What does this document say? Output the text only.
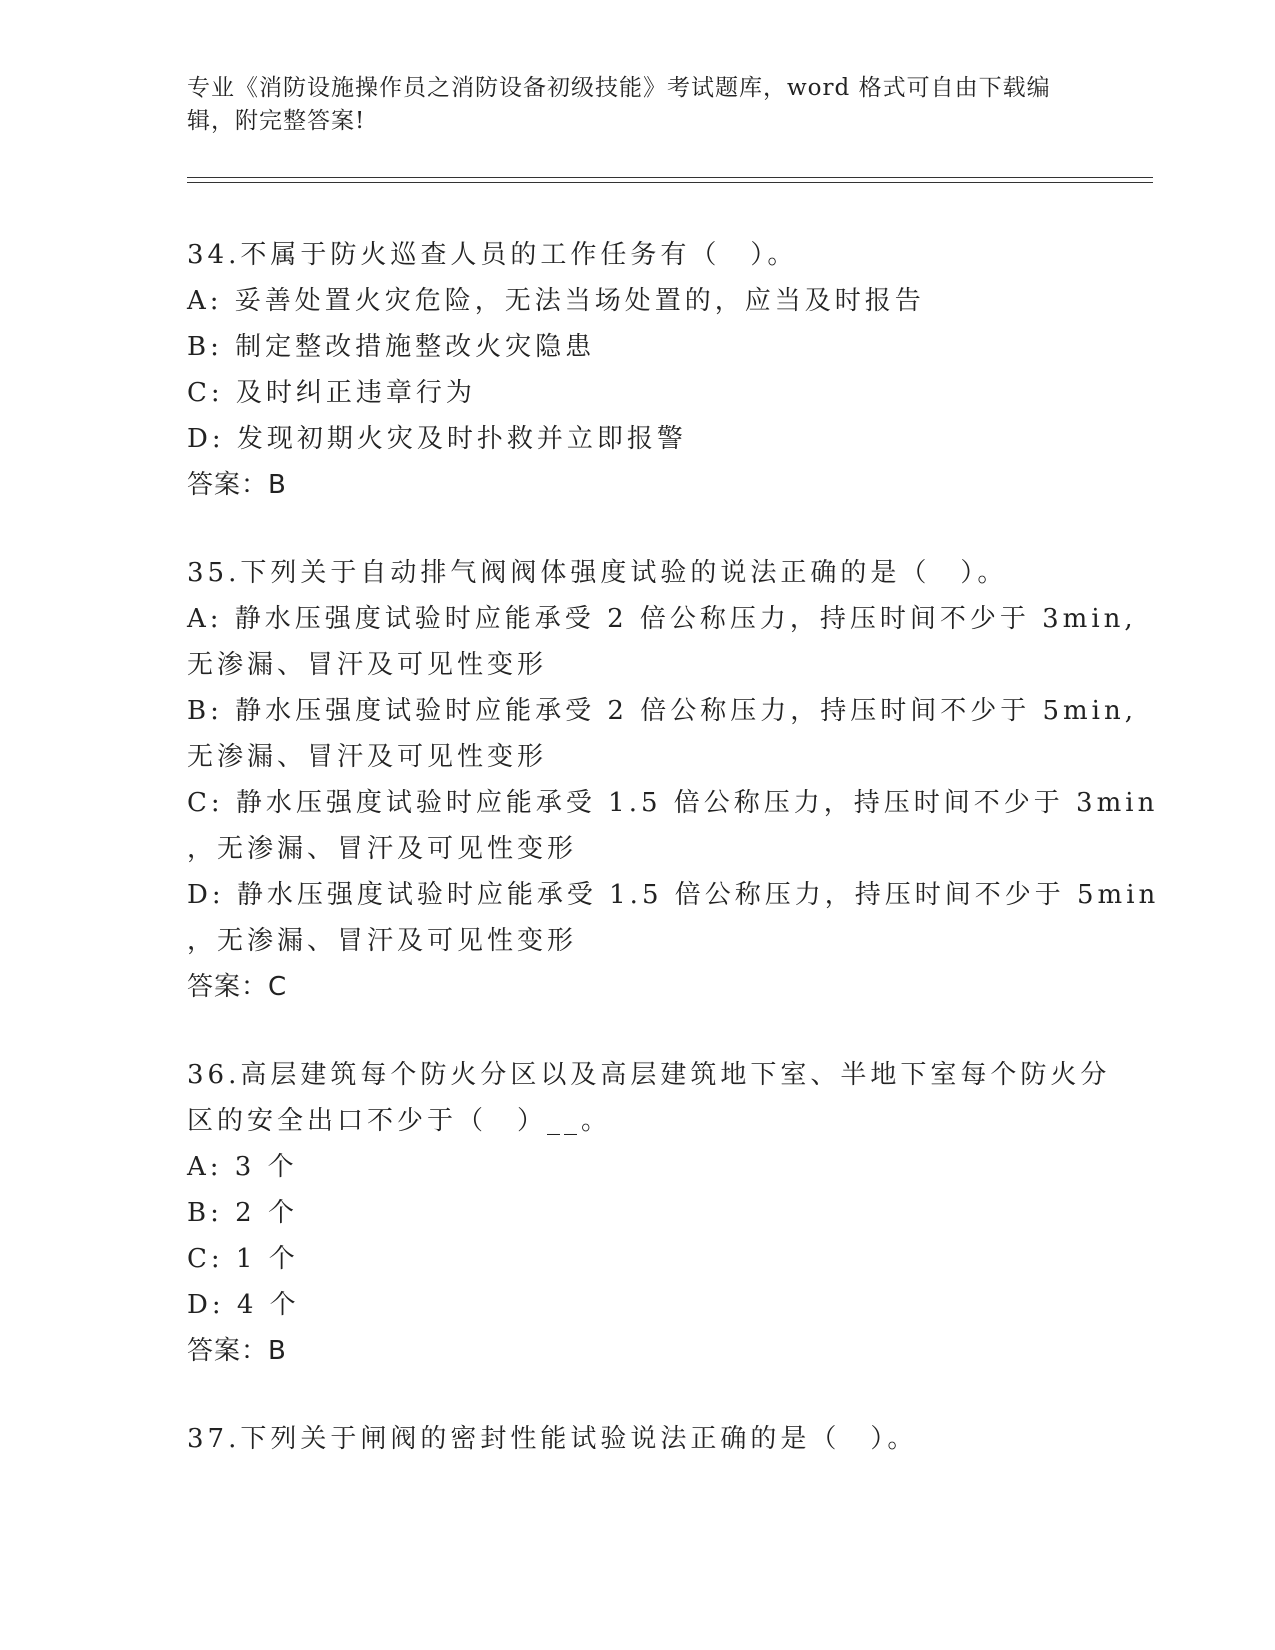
专业《消防设施操作员之消防设备初级技能》考试题库，word 格式可自由下载编
辑，附完整答案!
34.不属于防火巡查人员的工作任务有（　）。
A: 妥善处置火灾危险，无法当场处置的，应当及时报告
B: 制定整改措施整改火灾隐患
C: 及时纠正违章行为
D: 发现初期火灾及时扑救并立即报警
答案：B
35.下列关于自动排气阀阀体强度试验的说法正确的是（　）。
A: 静水压强度试验时应能承受 2 倍公称压力，持压时间不少于 3min,
无渗漏、冒汗及可见性变形
B: 静水压强度试验时应能承受 2 倍公称压力，持压时间不少于 5min,
无渗漏、冒汗及可见性变形
C: 静水压强度试验时应能承受 1.5 倍公称压力，持压时间不少于 3min
，无渗漏、冒汗及可见性变形
D: 静水压强度试验时应能承受 1.5 倍公称压力，持压时间不少于 5min
，无渗漏、冒汗及可见性变形
答案：C
36.高层建筑每个防火分区以及高层建筑地下室、半地下室每个防火分
区的安全出口不少于（　）__。
A: 3 个
B: 2 个
C: 1 个
D: 4 个
答案：B
37.下列关于闸阀的密封性能试验说法正确的是（　）。
